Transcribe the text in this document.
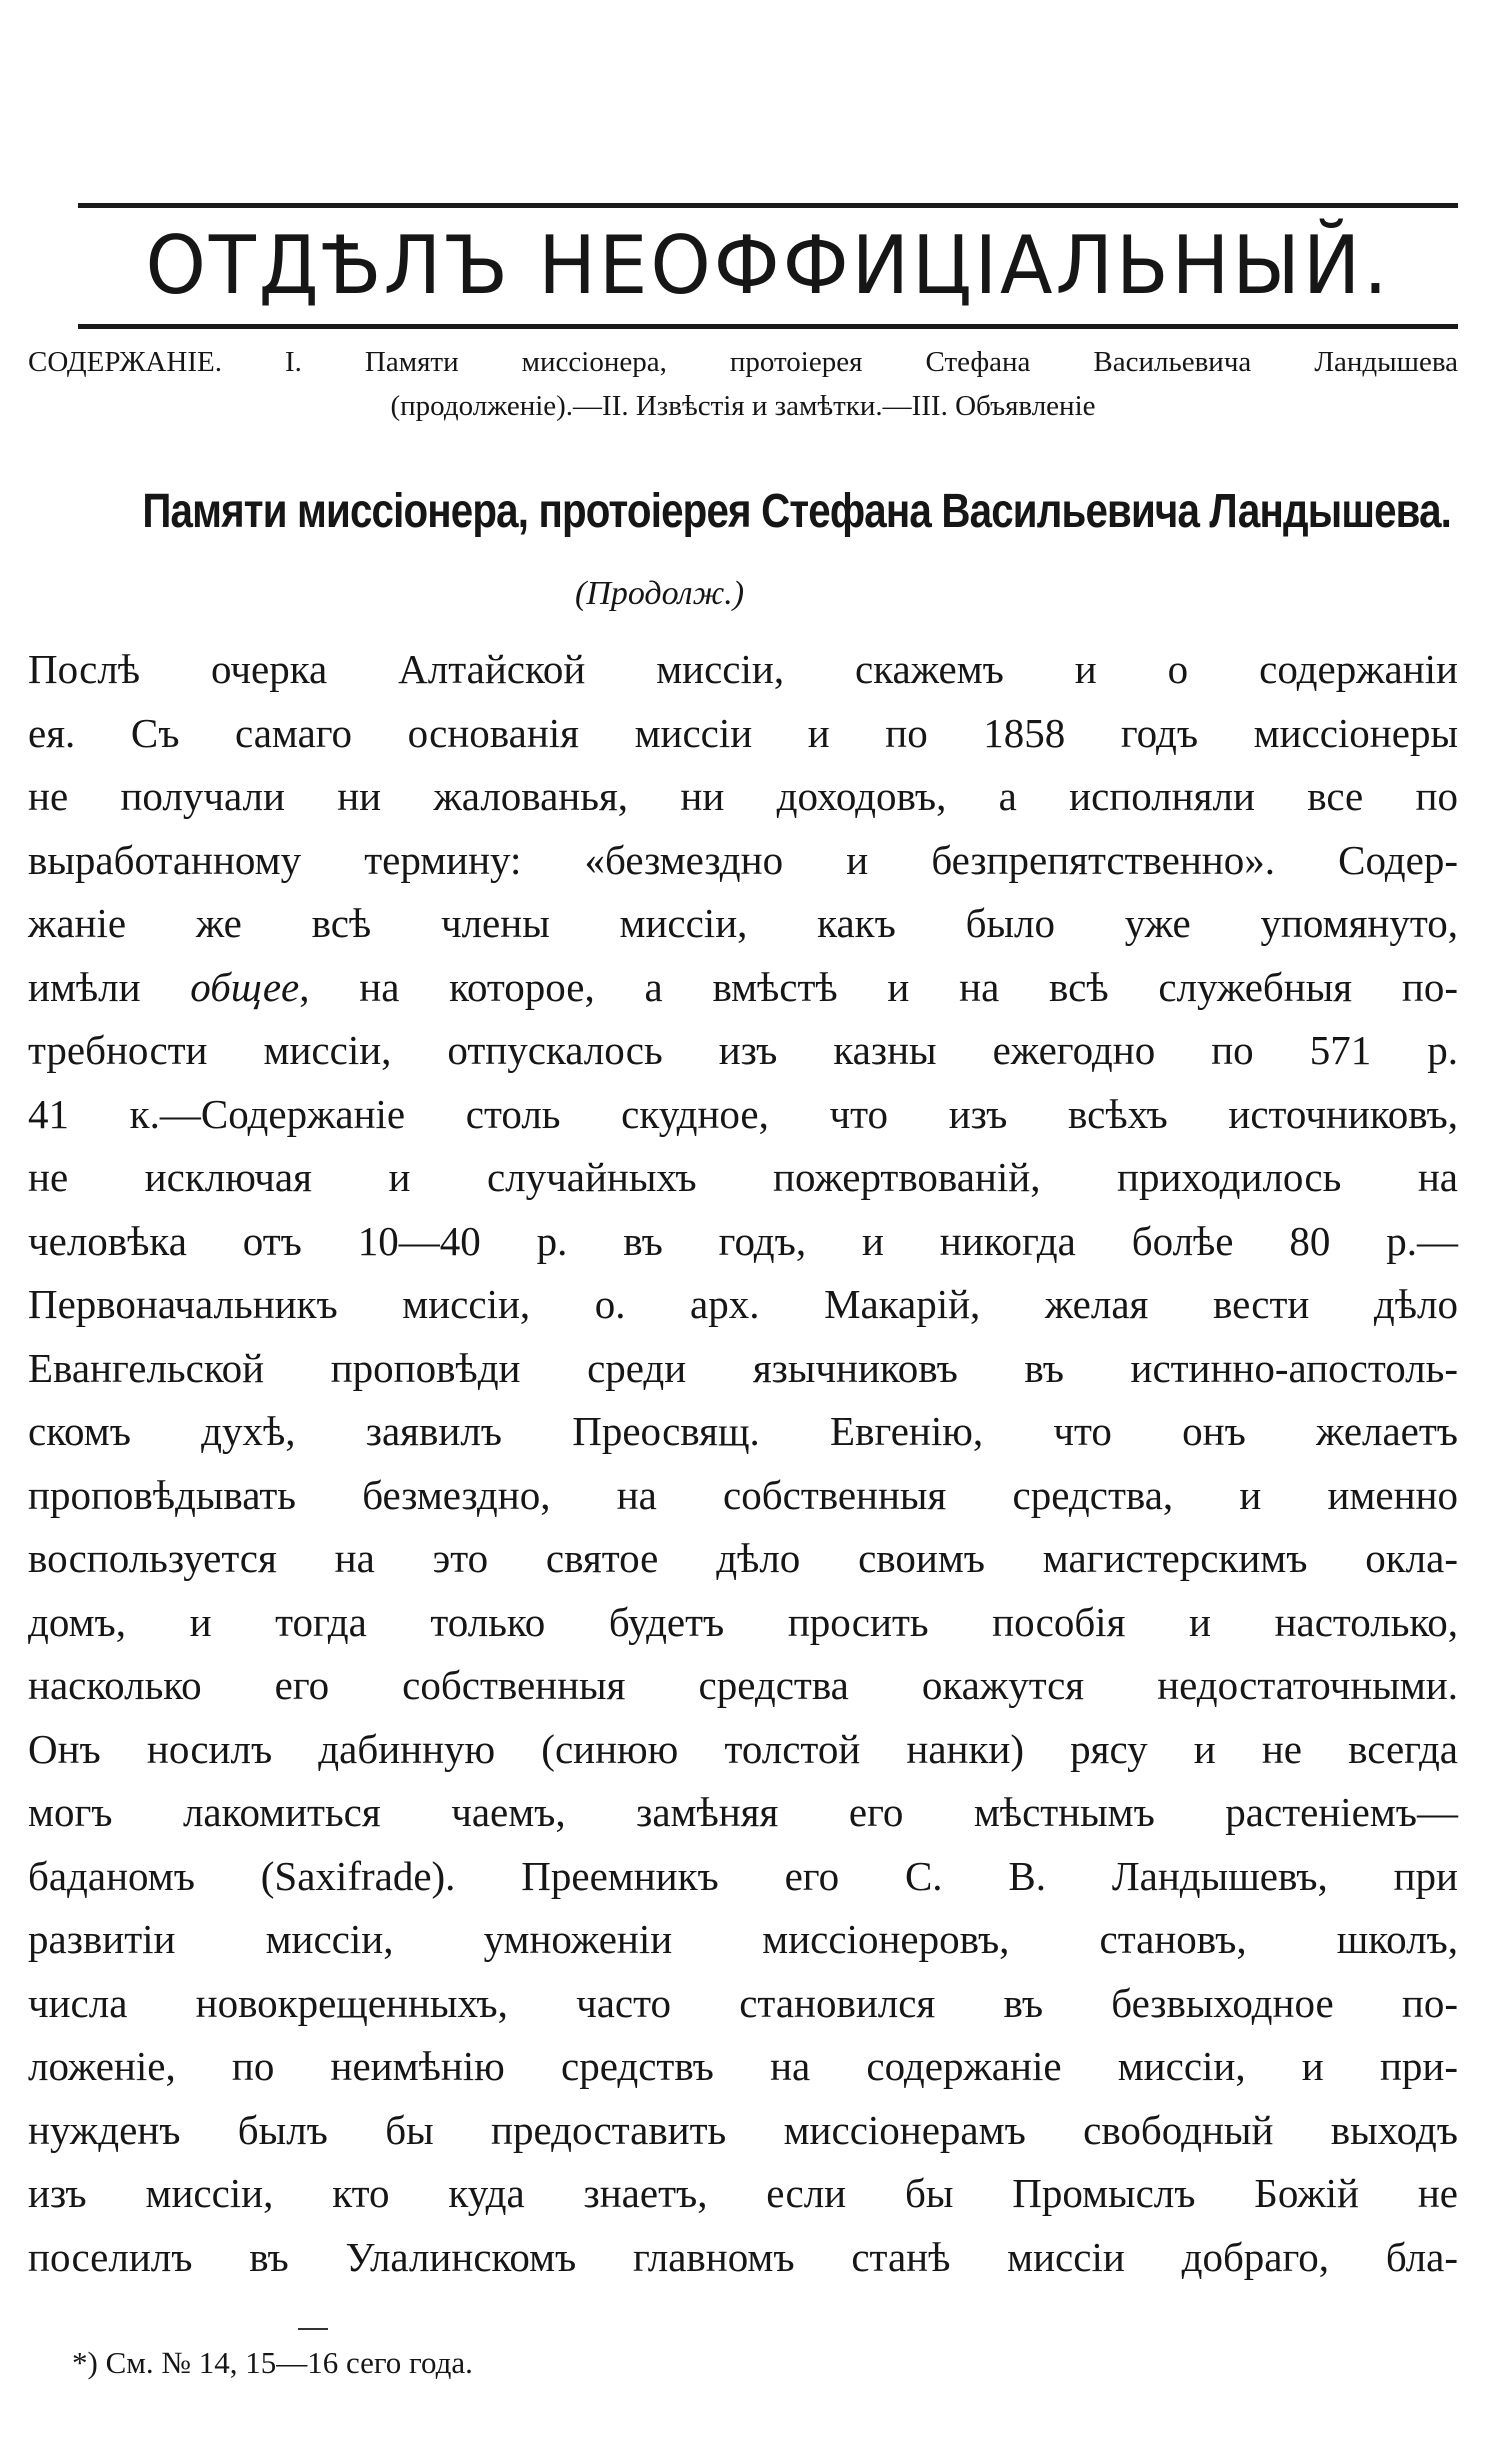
ОТДѢЛЪ НЕОФФИЦІАЛЬНЫЙ.
СОДЕРЖАНІЕ. I. Памяти миссіонера, протоіерея Стефана Васильевича Ландышева
(продолженіе).—II. Извѣстія и замѣтки.—III. Объявленіе
Памяти миссіонера, протоіерея Стефана Васильевича Ландышева.
(Продолж.)
Послѣ очерка Алтайской миссіи, скажемъ и о содержаніи
ея. Съ самаго основанія миссіи и по 1858 годъ миссіонеры
не получали ни жалованья, ни доходовъ, а исполняли все по
выработанному термину: «безмездно и безпрепятственно». Содер-
жаніе же всѣ члены миссіи, какъ было уже упомянуто,
имѣли общее, на которое, а вмѣстѣ и на всѣ служебныя по-
требности миссіи, отпускалось изъ казны ежегодно по 571 р.
41 к.—Содержаніе столь скудное, что изъ всѣхъ источниковъ,
не исключая и случайныхъ пожертвованій, приходилось на
человѣка отъ 10—40 р. въ годъ, и никогда болѣе 80 р.—
Первоначальникъ миссіи, о. арх. Макарій, желая вести дѣло
Евангельской проповѣди среди язычниковъ въ истинно-апостоль-
скомъ духѣ, заявилъ Преосвящ. Евгенію, что онъ желаетъ
проповѣдывать безмездно, на собственныя средства, и именно
воспользуется на это святое дѣло своимъ магистерскимъ окла-
домъ, и тогда только будетъ просить пособія и настолько,
насколько его собственныя средства окажутся недостаточными.
Онъ носилъ дабинную (синюю толстой нанки) рясу и не всегда
могъ лакомиться чаемъ, замѣняя его мѣстнымъ растеніемъ—
баданомъ (Saxifrade). Преемникъ его С. В. Ландышевъ, при
развитіи миссіи, умноженіи миссіонеровъ, становъ, школъ,
числа новокрещенныхъ, часто становился въ безвыходное по-
ложеніе, по неимѣнію средствъ на содержаніе миссіи, и при-
нужденъ былъ бы предоставить миссіонерамъ свободный выходъ
изъ миссіи, кто куда знаетъ, если бы Промыслъ Божій не
поселилъ въ Улалинскомъ главномъ станѣ миссіи добраго, бла-
*) См. № 14, 15—16 сего года.
